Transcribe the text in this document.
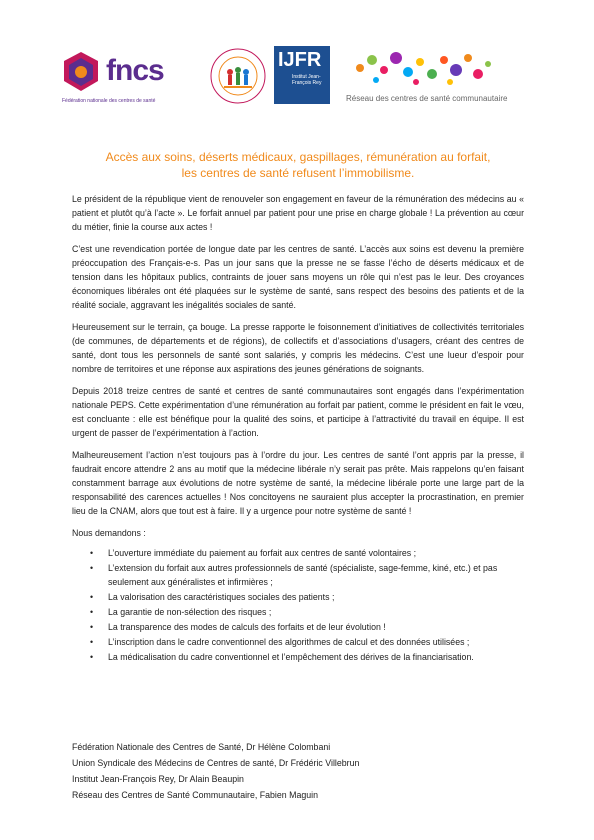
fncs
Fédération nationale des centres de santé
IJFR
Institut Jean-François Rey
Réseau des centres de santé communautaire
Accès aux soins, déserts médicaux, gaspillages, rémunération au forfait,
les centres de santé refusent l’immobilisme.

Le président de la république vient de renouveler son engagement en faveur de la rémunération des médecins au « patient et plutôt qu’à l’acte ». Le forfait annuel par patient pour une prise en charge globale ! La prévention au cœur du métier, finie la course aux actes !

C’est une revendication portée de longue date par les centres de santé. L’accès aux soins est devenu la première préoccupation des Français-e-s. Pas un jour sans que la presse ne se fasse l’écho de déserts médicaux et de tension dans les hôpitaux publics, contraints de jouer sans moyens un rôle qui n’est pas le leur. Des croyances économiques libérales ont été plaquées sur le système de santé, sans respect des besoins des patients et de la réalité sociale, aggravant les inégalités sociales de santé.

Heureusement sur le terrain, ça bouge. La presse rapporte le foisonnement d’initiatives de collectivités territoriales (de communes, de départements et de régions), de collectifs et d’associations d’usagers, créant des centres de santé, dont tous les personnels de santé sont salariés, y compris les médecins. C’est une lueur d’espoir pour nombre de territoires et une réponse aux aspirations des jeunes générations de soignants.

Depuis 2018 treize centres de santé et centres de santé communautaires sont engagés dans l’expérimentation nationale PEPS. Cette expérimentation d’une rémunération au forfait par patient, comme le président en fait le vœu, est concluante : elle est bénéfique pour la qualité des soins, et participe à l’attractivité du travail en équipe. Il est urgent de passer de l’expérimentation à l’action.

Malheureusement l’action n’est toujours pas à l’ordre du jour. Les centres de santé l’ont appris par la presse, il faudrait encore attendre 2 ans au motif que la médecine libérale n’y serait pas prête. Mais rappelons qu’en faisant constamment barrage aux évolutions de notre système de santé, la médecine libérale porte une large part de la responsabilité des carences actuelles ! Nos concitoyens ne sauraient plus accepter la procrastination, en premier lieu de la CNAM, alors que tout est à faire. Il y a urgence pour notre système de santé !

Nous demandons :

• L’ouverture immédiate du paiement au forfait aux centres de santé volontaires ;
• L’extension du forfait aux autres professionnels de santé (spécialiste, sage-femme, kiné, etc.) et pas seulement aux généralistes et infirmières ;
• La valorisation des caractéristiques sociales des patients ;
• La garantie de non-sélection des risques ;
• La transparence des modes de calculs des forfaits et de leur évolution !
• L’inscription dans le cadre conventionnel des algorithmes de calcul et des données utilisées ;
• La médicalisation du cadre conventionnel et l’empêchement des dérives de la financiarisation.
Fédération Nationale des Centres de Santé, Dr Hélène Colombani
Union Syndicale des Médecins de Centres de santé, Dr Frédéric Villebrun
Institut Jean-François Rey, Dr Alain Beaupin
Réseau des Centres de Santé Communautaire, Fabien Maguin
